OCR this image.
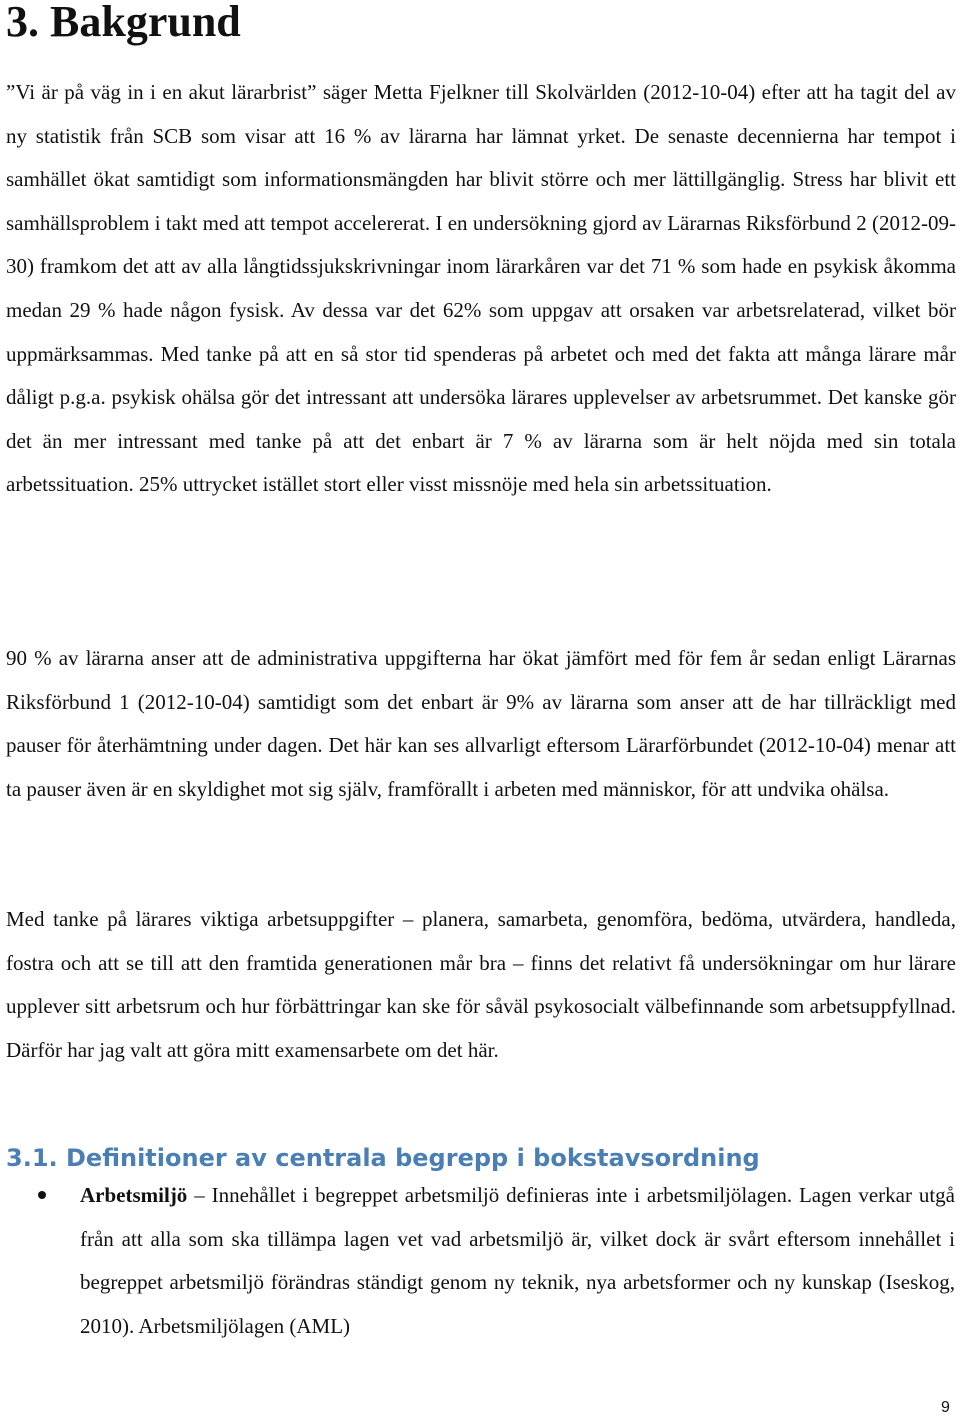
3. Bakgrund

”Vi är på väg in i en akut lärarbrist” säger Metta Fjelkner till Skolvärlden (2012-10-04) efter att ha tagit del av ny statistik från SCB som visar att 16 % av lärarna har lämnat yrket. De senaste decennierna har tempot i samhället ökat samtidigt som informationsmängden har blivit större och mer lättillgänglig. Stress har blivit ett samhällsproblem i takt med att tempot accelererat. I en undersökning gjord av Lärarnas Riksförbund 2 (2012-09-30) framkom det att av alla långtidssjukskrivningar inom lärarkåren var det 71 % som hade en psykisk åkomma medan 29 % hade någon fysisk. Av dessa var det 62% som uppgav att orsaken var arbetsrelaterad, vilket bör uppmärksammas. Med tanke på att en så stor tid spenderas på arbetet och med det fakta att många lärare mår dåligt p.g.a. psykisk ohälsa gör det intressant att undersöka lärares upplevelser av arbetsrummet. Det kanske gör det än mer intressant med tanke på att det enbart är 7 % av lärarna som är helt nöjda med sin totala arbetssituation. 25% uttrycket istället stort eller visst missnöje med hela sin arbetssituation.

90 % av lärarna anser att de administrativa uppgifterna har ökat jämfört med för fem år sedan enligt Lärarnas Riksförbund 1 (2012-10-04) samtidigt som det enbart är 9% av lärarna som anser att de har tillräckligt med pauser för återhämtning under dagen. Det här kan ses allvarligt eftersom Lärarförbundet (2012-10-04) menar att ta pauser även är en skyldighet mot sig själv, framförallt i arbeten med människor, för att undvika ohälsa.

Med tanke på lärares viktiga arbetsuppgifter – planera, samarbeta, genomföra, bedöma, utvärdera, handleda, fostra och att se till att den framtida generationen mår bra – finns det relativt få undersökningar om hur lärare upplever sitt arbetsrum och hur förbättringar kan ske för såväl psykosocialt välbefinnande som arbetsuppfyllnad. Därför har jag valt att göra mitt examensarbete om det här.

3.1. Definitioner av centrala begrepp i bokstavsordning

Arbetsmiljö – Innehållet i begreppet arbetsmiljö definieras inte i arbetsmiljölagen. Lagen verkar utgå från att alla som ska tillämpa lagen vet vad arbetsmiljö är, vilket dock är svårt eftersom innehållet i begreppet arbetsmiljö förändras ständigt genom ny teknik, nya arbetsformer och ny kunskap (Iseskog, 2010). Arbetsmiljölagen (AML)

9
